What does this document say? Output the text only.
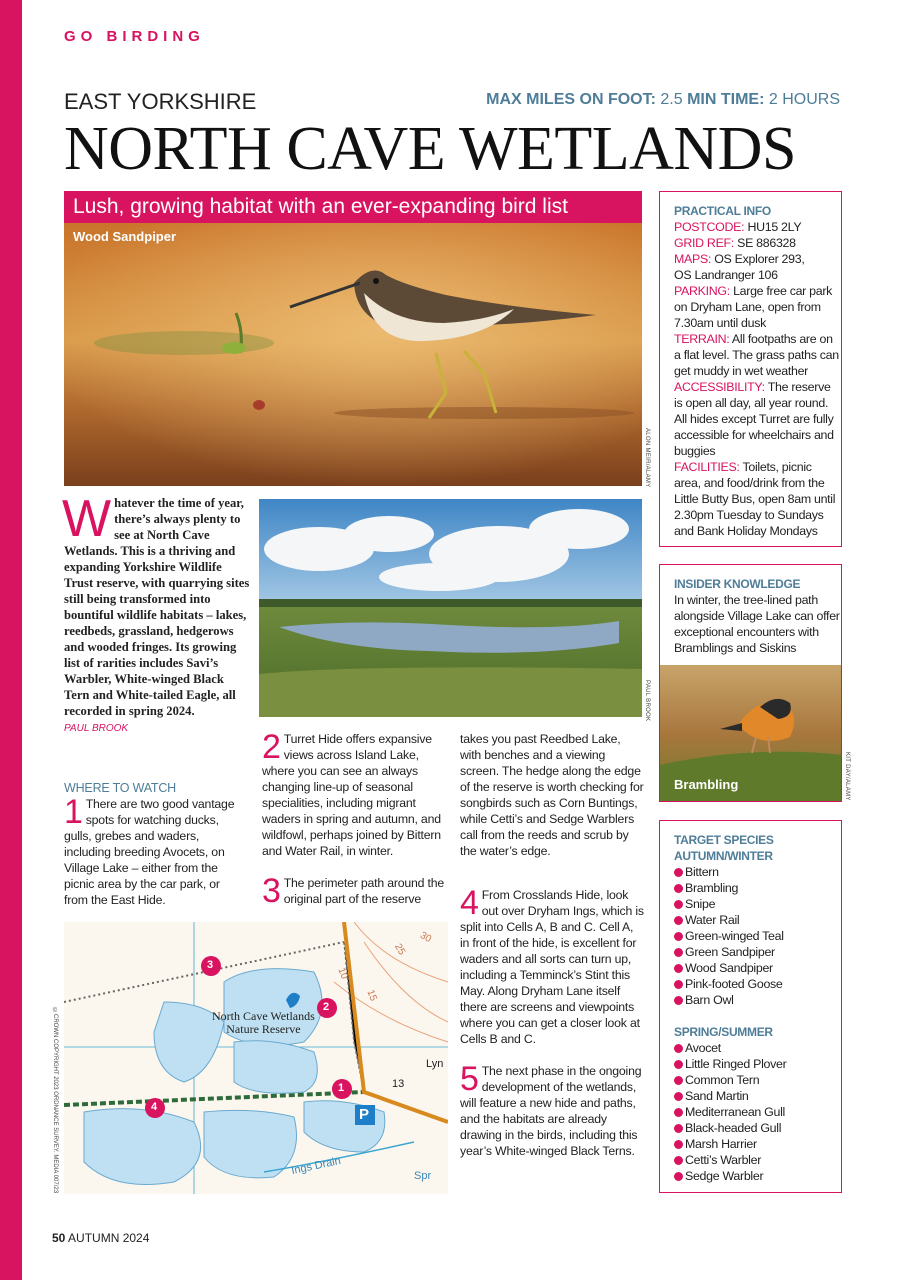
GO BIRDING
EAST YORKSHIRE	MAX MILES ON FOOT: 2.5 MIN TIME: 2 HOURS
NORTH CAVE WETLANDS
Lush, growing habitat with an ever-expanding bird list
Wood Sandpiper
ALON MEIR/ALAMY
W hatever the time of year, there’s always plenty to see at North Cave Wetlands. This is a thriving and expanding Yorkshire Wildlife Trust reserve, with quarrying sites still being transformed into bountiful wildlife habitats – lakes, reedbeds, grassland, hedgerows and wooded fringes. Its growing list of rarities includes Savi’s Warbler, White-winged Black Tern and White-tailed Eagle, all recorded in spring 2024.
PAUL BROOK
PAUL BROOK
WHERE TO WATCH
1 There are two good vantage spots for watching ducks, gulls, grebes and waders, including breeding Avocets, on Village Lake – either from the picnic area by the car park, or from the East Hide.
2 Turret Hide offers expansive views across Island Lake, where you can see an always changing line-up of seasonal specialities, including migrant waders in spring and autumn, and wildfowl, perhaps joined by Bittern and Water Rail, in winter.
3 The perimeter path around the original part of the reserve
takes you past Reedbed Lake, with benches and a viewing screen. The hedge along the edge of the reserve is worth checking for songbirds such as Corn Buntings, while Cetti’s and Sedge Warblers call from the reeds and scrub by the water’s edge.
4 From Crosslands Hide, look out over Dryham Ings, which is split into Cells A, B and C. Cell A, in front of the hide, is excellent for waders and all sorts can turn up, including a Temminck’s Stint this May. Along Dryham Lane itself there are screens and viewpoints where you can get a closer look at Cells B and C.
5 The next phase in the ongoing development of the wetlands, will feature a new hide and paths, and the habitats are already drawing in the birds, including this year’s White-winged Black Terns.
North Cave Wetlands
Nature Reserve
Ings Drain
Lyn
Spr
13
30
25
15
10
P
3
2
1
4
©CROWN COPYRIGHT 2023 ORDNANCE SURVEY. MEDIA 007/23
PRACTICAL INFO
POSTCODE: HU15 2LY
GRID REF: SE 886328
MAPS: OS Explorer 293,
OS Landranger 106
PARKING: Large free car park on Dryham Lane, open from 7.30am until dusk
TERRAIN: All footpaths are on a flat level. The grass paths can get muddy in wet weather
ACCESSIBILITY: The reserve is open all day, all year round. All hides except Turret are fully accessible for wheelchairs and buggies
FACILITIES: Toilets, picnic area, and food/drink from the Little Butty Bus, open 8am until 2.30pm Tuesday to Sundays and Bank Holiday Mondays
INSIDER KNOWLEDGE
In winter, the tree-lined path alongside Village Lake can offer exceptional encounters with Bramblings and Siskins
Brambling	KIT DAY/ALAMY
TARGET SPECIES
AUTUMN/WINTER
Bittern
Brambling
Snipe
Water Rail
Green-winged Teal
Green Sandpiper
Wood Sandpiper
Pink-footed Goose
Barn Owl
SPRING/SUMMER
Avocet
Little Ringed Plover
Common Tern
Sand Martin
Mediterranean Gull
Black-headed Gull
Marsh Harrier
Cetti’s Warbler
Sedge Warbler
50 AUTUMN 2024
